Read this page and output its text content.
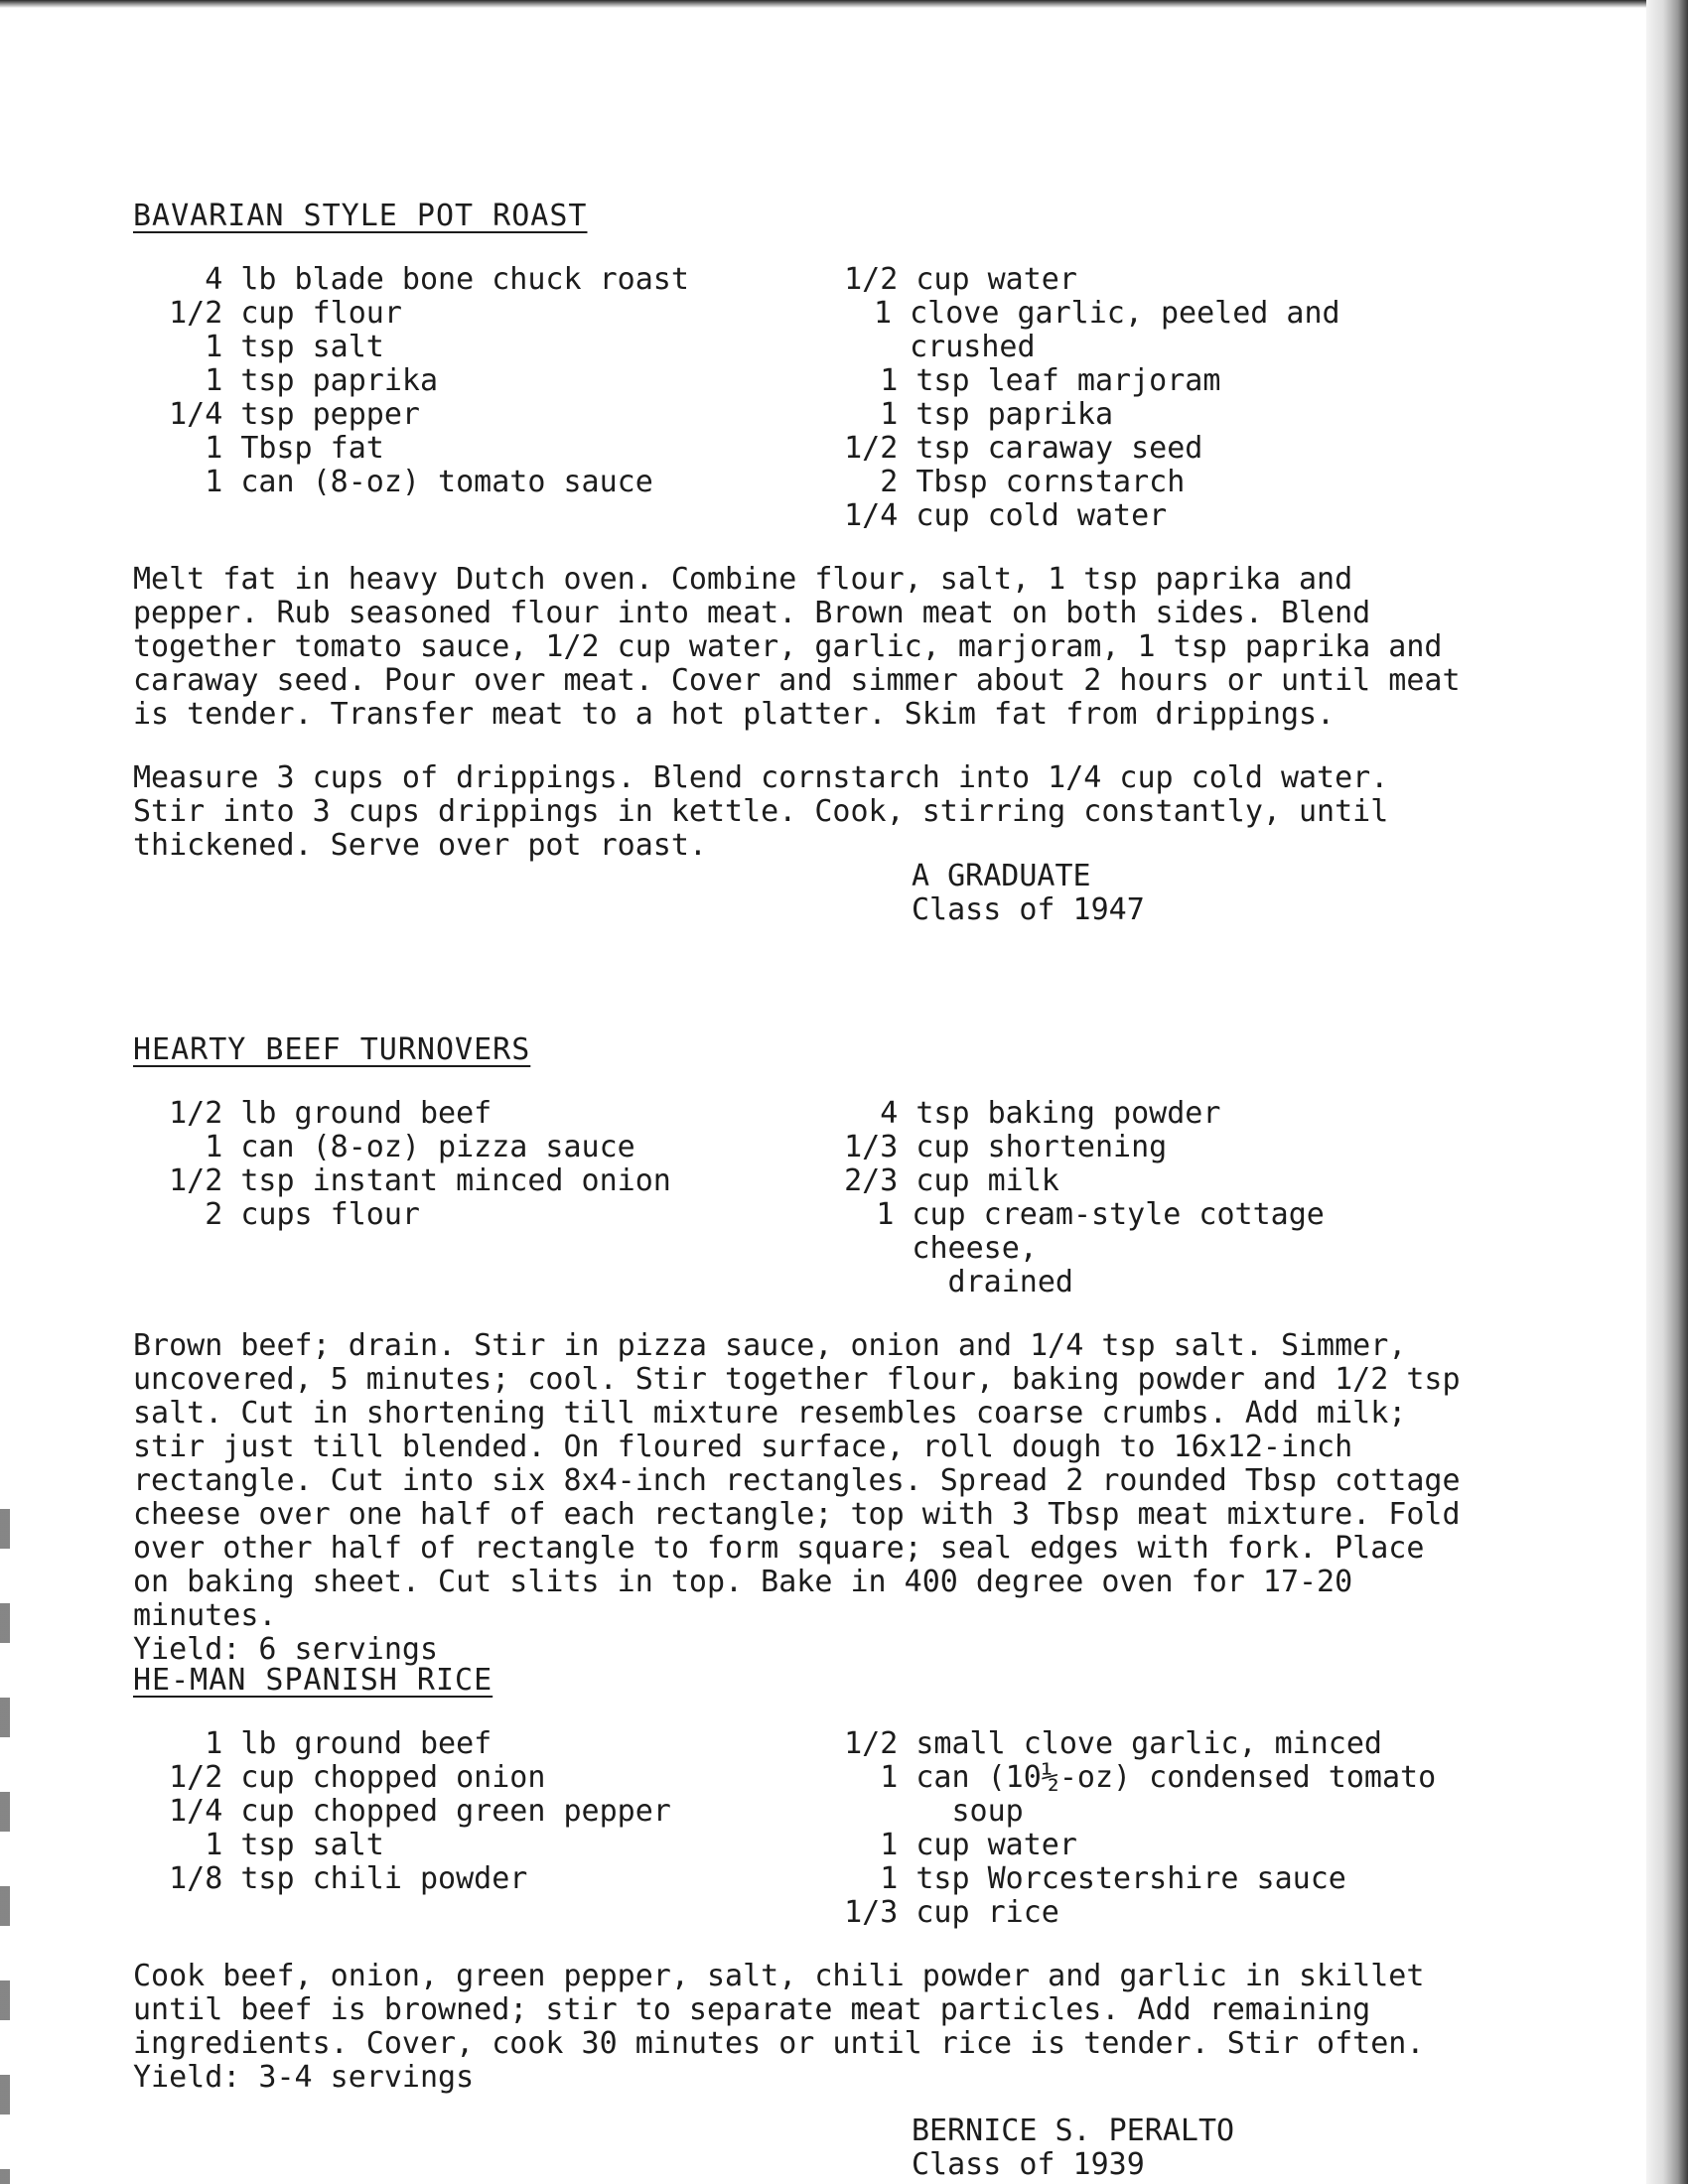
BAVARIAN STYLE POT ROAST
4 lb blade bone chuck roast
1/2 cup flour
1 tsp salt
1 tsp paprika
1/4 tsp pepper
1 Tbsp fat
1 can (8-oz) tomato sauce
1/2 cup water
1 clove garlic, peeled and crushed
1 tsp leaf marjoram
1 tsp paprika
1/2 tsp caraway seed
2 Tbsp cornstarch
1/4 cup cold water

Melt fat in heavy Dutch oven. Combine flour, salt, 1 tsp paprika and pepper. Rub seasoned flour into meat. Brown meat on both sides. Blend together tomato sauce, 1/2 cup water, garlic, marjoram, 1 tsp paprika and caraway seed. Pour over meat. Cover and simmer about 2 hours or until meat is tender. Transfer meat to a hot platter. Skim fat from drippings.

Measure 3 cups of drippings. Blend cornstarch into 1/4 cup cold water. Stir into 3 cups drippings in kettle. Cook, stirring constantly, until thickened. Serve over pot roast.

A GRADUATE
Class of 1947
HEARTY BEEF TURNOVERS
1/2 lb ground beef
1 can (8-oz) pizza sauce
1/2 tsp instant minced onion
2 cups flour
4 tsp baking powder
1/3 cup shortening
2/3 cup milk
1 cup cream-style cottage cheese,
drained

Brown beef; drain. Stir in pizza sauce, onion and 1/4 tsp salt. Simmer, uncovered, 5 minutes; cool. Stir together flour, baking powder and 1/2 tsp salt. Cut in shortening till mixture resembles coarse crumbs. Add milk; stir just till blended. On floured surface, roll dough to 16x12-inch rectangle. Cut into six 8x4-inch rectangles. Spread 2 rounded Tbsp cottage cheese over one half of each rectangle; top with 3 Tbsp meat mixture. Fold over other half of rectangle to form square; seal edges with fork. Place on baking sheet. Cut slits in top. Bake in 400 degree oven for 17-20 minutes.

Yield: 6 servings

HE-MAN SPANISH RICE
1 lb ground beef
1/2 cup chopped onion
1/4 cup chopped green pepper
1 tsp salt
1/8 tsp chili powder
1/2 small clove garlic, minced
1 can (10½-oz) condensed tomato
soup
1 cup water
1 tsp Worcestershire sauce
1/3 cup rice

Cook beef, onion, green pepper, salt, chili powder and garlic in skillet until beef is browned; stir to separate meat particles. Add remaining ingredients. Cover, cook 30 minutes or until rice is tender. Stir often.

Yield: 3-4 servings

BERNICE S. PERALTO
Class of 1939
